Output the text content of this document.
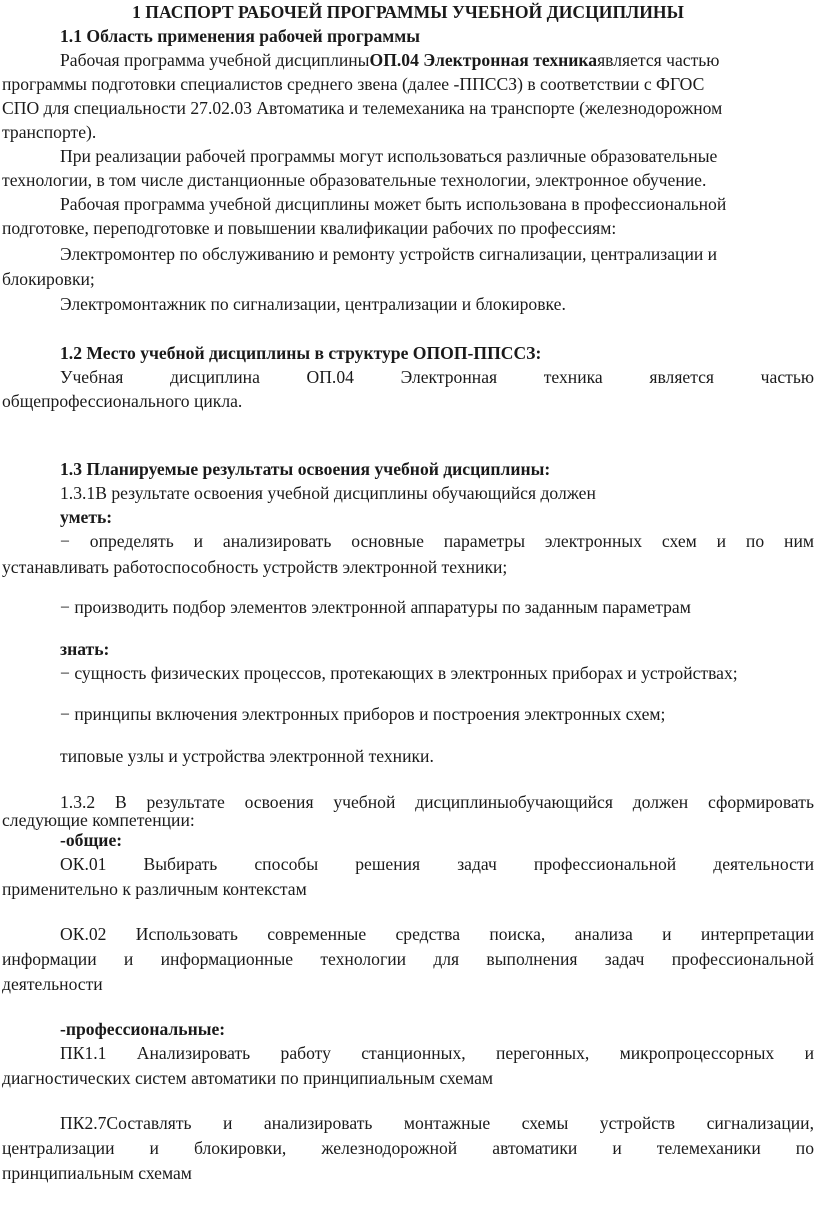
1 ПАСПОРТ РАБОЧЕЙ ПРОГРАММЫ УЧЕБНОЙ ДИСЦИПЛИНЫ
1.1 Область применения рабочей программы
Рабочая программа учебной дисциплиныОП.04 Электронная техникаявляется частью
программы подготовки специалистов среднего звена (далее -ППССЗ) в соответствии с ФГОС
СПО для специальности 27.02.03 Автоматика и телемеханика на транспорте (железнодорожном
транспорте).
При реализации рабочей программы могут использоваться различные образовательные
технологии, в том числе дистанционные образовательные технологии, электронное обучение.
Рабочая программа учебной дисциплины может быть использована в профессиональной
подготовке, переподготовке и повышении квалификации рабочих по профессиям:
Электромонтер по обслуживанию и ремонту устройств сигнализации, централизации и
блокировки;
Электромонтажник по сигнализации, централизации и блокировке.
1.2 Место учебной дисциплины в структуре ОПОП-ППССЗ:
Учебная дисциплина ОП.04 Электронная техника является частью
общепрофессионального цикла.
1.3 Планируемые результаты освоения учебной дисциплины:
1.3.1В результате освоения учебной дисциплины обучающийся должен
уметь:
− определять и анализировать основные параметры электронных схем и по ним
устанавливать работоспособность устройств электронной техники;
− производить подбор элементов электронной аппаратуры по заданным параметрам
знать:
− сущность физических процессов, протекающих в электронных приборах и устройствах;
− принципы включения электронных приборов и построения электронных схем;
типовые узлы и устройства электронной техники.
1.3.2 В результате освоения учебной дисциплиныобучающийся должен сформировать
следующие компетенции:
-общие:
ОК.01 Выбирать способы решения задач профессиональной деятельности
применительно к различным контекстам
ОК.02 Использовать современные средства поиска, анализа и интерпретации
информации и информационные технологии для выполнения задач профессиональной
деятельности
-профессиональные:
ПК1.1 Анализировать работу станционных, перегонных, микропроцессорных и
диагностических систем автоматики по принципиальным схемам
ПК2.7Составлять и анализировать монтажные схемы устройств сигнализации,
централизации и блокировки, железнодорожной автоматики и телемеханики по
принципиальным схемам
